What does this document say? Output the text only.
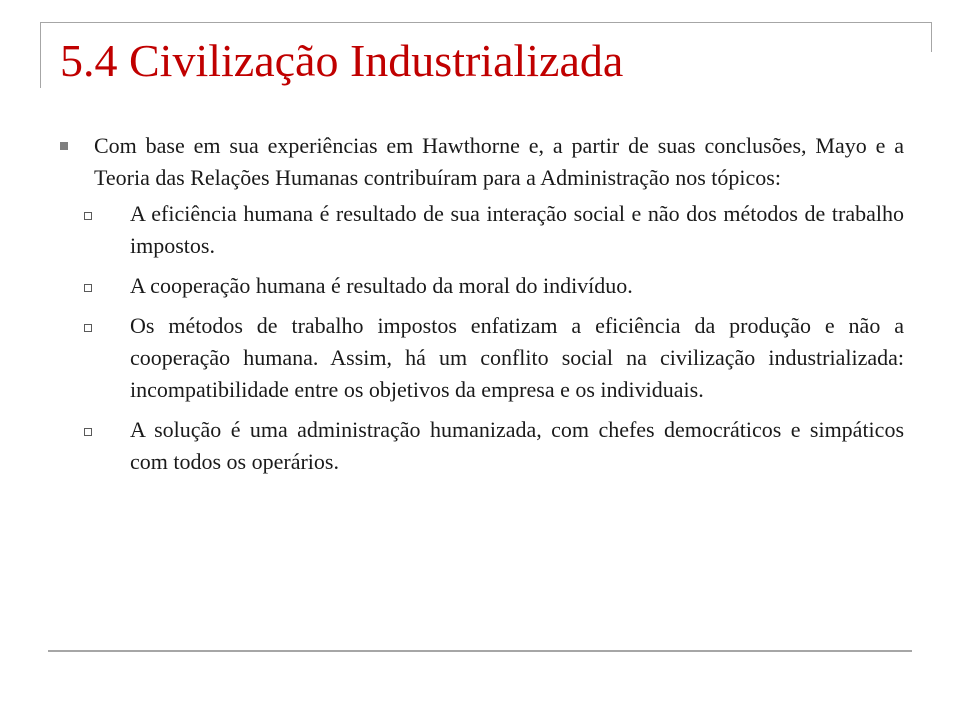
5.4 Civilização Industrializada
Com base em sua experiências em Hawthorne e, a partir de suas conclusões, Mayo e a Teoria das Relações Humanas contribuíram para a Administração nos tópicos:
A eficiência humana é resultado de sua interação social e não dos métodos de trabalho impostos.
A cooperação humana é resultado da moral do indivíduo.
Os métodos de trabalho impostos enfatizam a eficiência da produção e não a cooperação humana. Assim, há um conflito social na civilização industrializada: incompatibilidade entre os objetivos da empresa e os individuais.
A solução é uma administração humanizada, com chefes democráticos e simpáticos com todos os operários.
